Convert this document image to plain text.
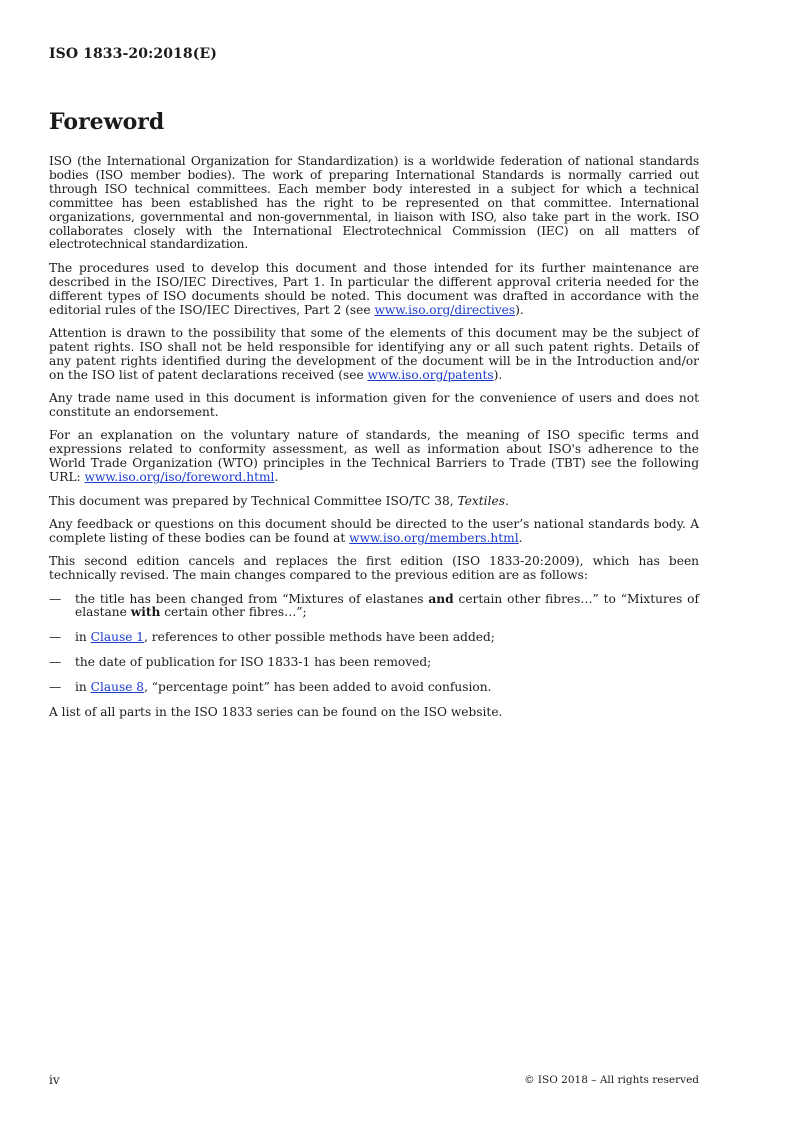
ISO 1833-20:2018(E)

Foreword

ISO (the International Organization for Standardization) is a worldwide federation of national standards bodies (ISO member bodies). The work of preparing International Standards is normally carried out through ISO technical committees. Each member body interested in a subject for which a technical committee has been established has the right to be represented on that committee. International organizations, governmental and non-governmental, in liaison with ISO, also take part in the work. ISO collaborates closely with the International Electrotechnical Commission (IEC) on all matters of electrotechnical standardization.

The procedures used to develop this document and those intended for its further maintenance are described in the ISO/IEC Directives, Part 1. In particular the different approval criteria needed for the different types of ISO documents should be noted. This document was drafted in accordance with the editorial rules of the ISO/IEC Directives, Part 2 (see www.iso.org/directives).

Attention is drawn to the possibility that some of the elements of this document may be the subject of patent rights. ISO shall not be held responsible for identifying any or all such patent rights. Details of any patent rights identified during the development of the document will be in the Introduction and/or on the ISO list of patent declarations received (see www.iso.org/patents).

Any trade name used in this document is information given for the convenience of users and does not constitute an endorsement.

For an explanation on the voluntary nature of standards, the meaning of ISO specific terms and expressions related to conformity assessment, as well as information about ISO's adherence to the World Trade Organization (WTO) principles in the Technical Barriers to Trade (TBT) see the following URL: www.iso.org/iso/foreword.html.

This document was prepared by Technical Committee ISO/TC 38, Textiles.

Any feedback or questions on this document should be directed to the user’s national standards body. A complete listing of these bodies can be found at www.iso.org/members.html.

This second edition cancels and replaces the first edition (ISO 1833-20:2009), which has been technically revised. The main changes compared to the previous edition are as follows:

— the title has been changed from “Mixtures of elastanes and certain other fibres…” to “Mixtures of elastane with certain other fibres…”;
— in Clause 1, references to other possible methods have been added;
— the date of publication for ISO 1833-1 has been removed;
— in Clause 8, “percentage point” has been added to avoid confusion.

A list of all parts in the ISO 1833 series can be found on the ISO website.

iv	© ISO 2018 – All rights reserved
